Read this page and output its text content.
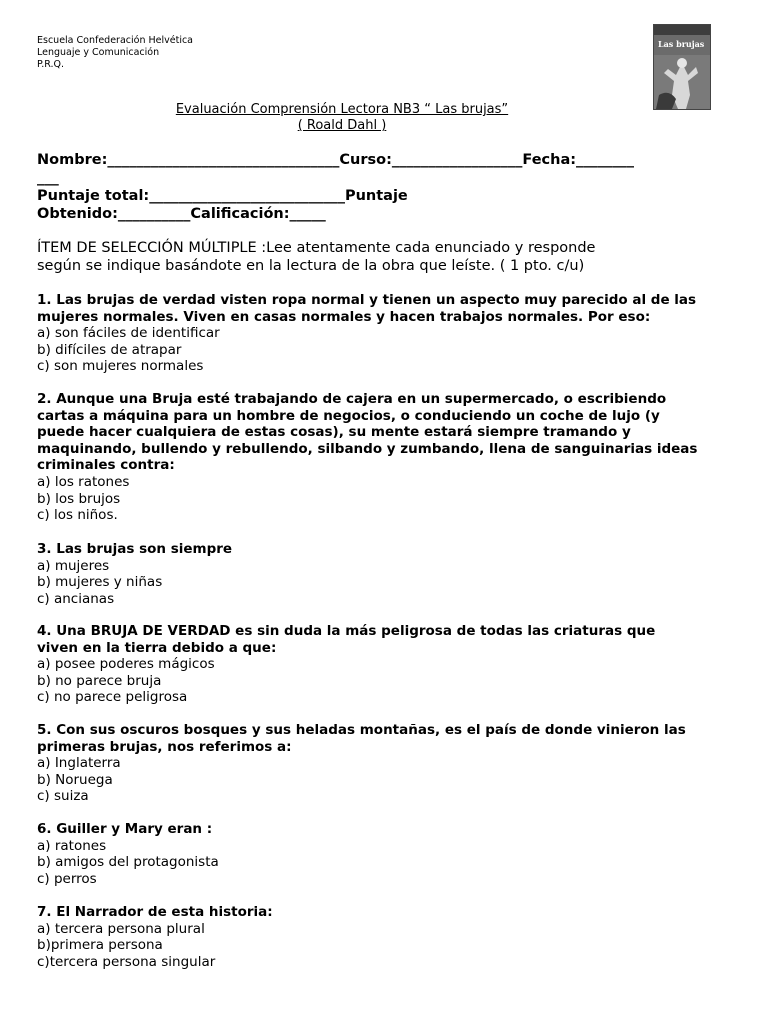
Escuela Confederación Helvética
Lenguaje y Comunicación
P.R.Q.
Las brujas
Evaluación Comprensión Lectora NB3 “ Las brujas”
( Roald Dahl )
Nombre:________________________________Curso:__________________Fecha:________
___
Puntaje total:___________________________Puntaje
Obtenido:__________Calificación:_____
ÍTEM DE SELECCIÓN MÚLTIPLE :Lee atentamente cada enunciado y responde
según se indique basándote en la lectura de la obra que leíste. ( 1 pto. c/u)
1. Las brujas de verdad visten ropa normal y tienen un aspecto muy parecido al de las
mujeres normales. Viven en casas normales y hacen trabajos normales. Por eso:
a) son fáciles de identificar
b) difíciles de atrapar
c) son mujeres normales
2. Aunque una Bruja esté trabajando de cajera en un supermercado, o escribiendo
cartas a máquina para un hombre de negocios, o conduciendo un coche de lujo (y
puede hacer cualquiera de estas cosas), su mente estará siempre tramando y
maquinando, bullendo y rebullendo, silbando y zumbando, llena de sanguinarias ideas
criminales contra:
a) los ratones
b) los brujos
c) los niños.
3. Las brujas son siempre
a) mujeres
b) mujeres y niñas
c) ancianas
4. Una BRUJA DE VERDAD es sin duda la más peligrosa de todas las criaturas que
viven en la tierra debido a que:
a) posee poderes mágicos
b) no parece bruja
c) no parece peligrosa
5. Con sus oscuros bosques y sus heladas montañas, es el país de donde vinieron las
primeras brujas, nos referimos a:
a) Inglaterra
b) Noruega
c) suiza
6. Guiller y Mary eran :
a) ratones
b) amigos del protagonista
c) perros
7. El Narrador de esta historia:
a) tercera persona plural
b)primera persona
c)tercera persona singular
